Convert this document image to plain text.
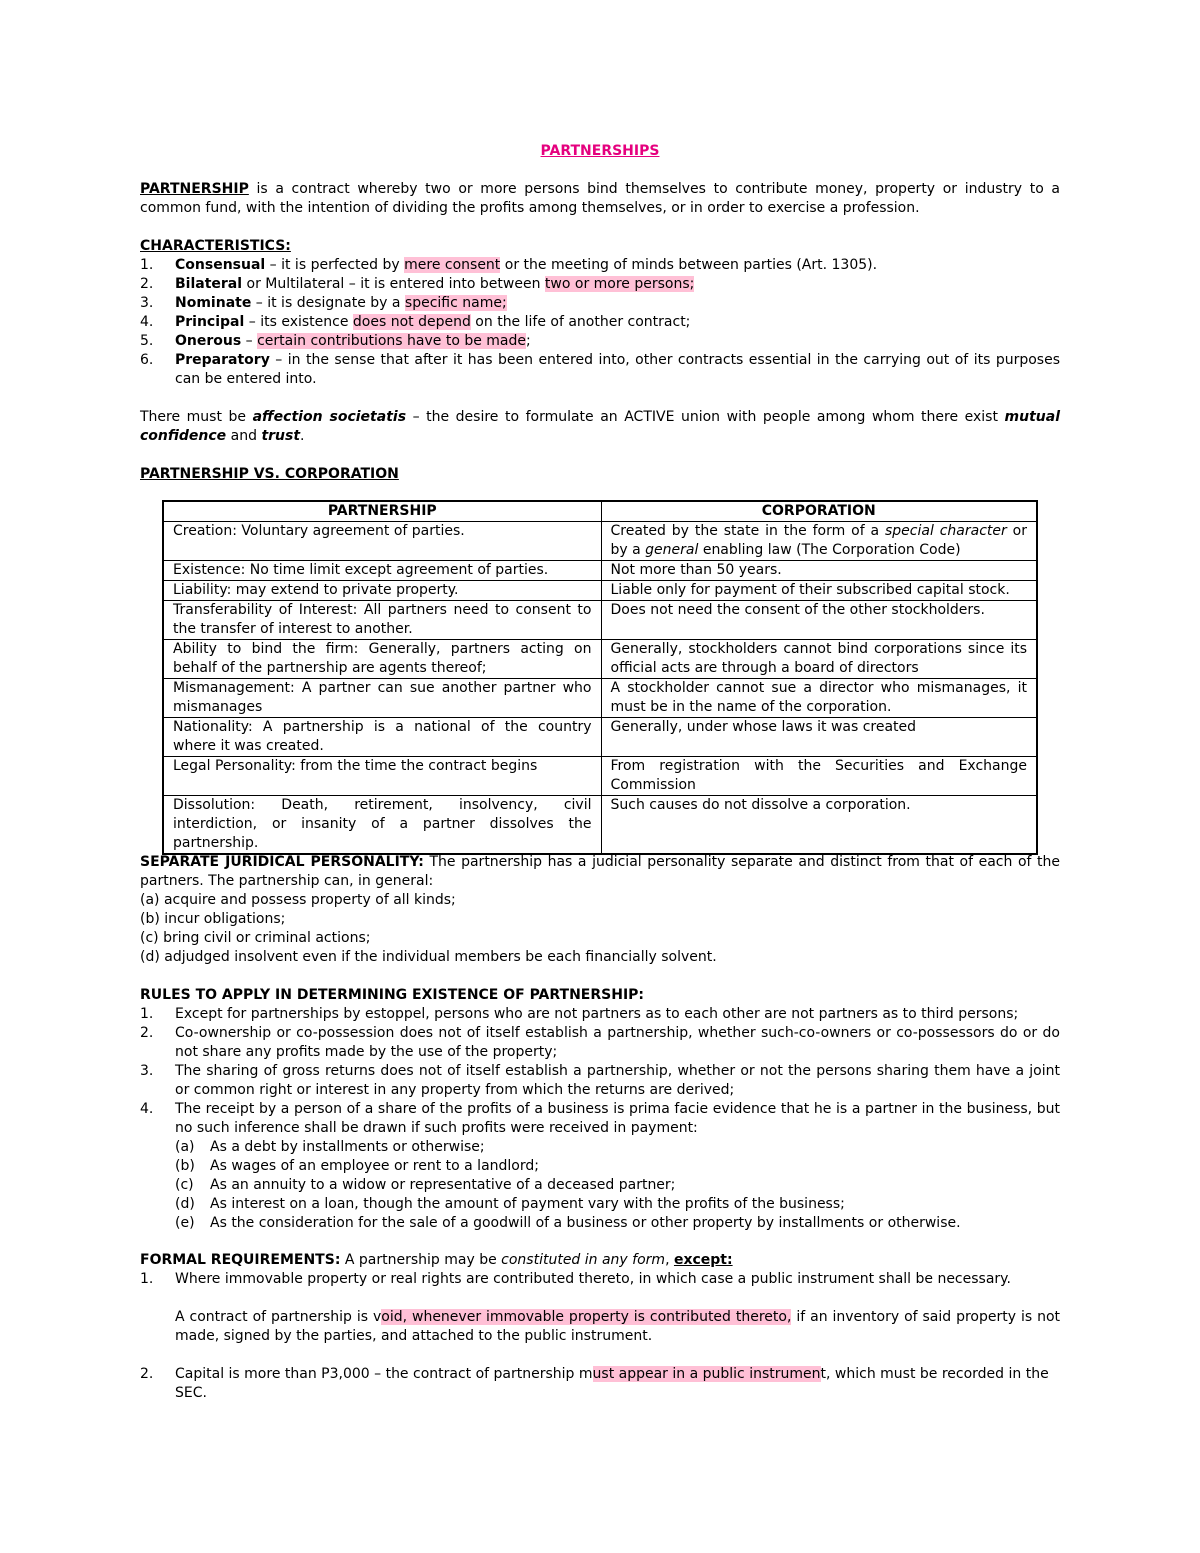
PARTNERSHIPS

PARTNERSHIP is a contract whereby two or more persons bind themselves to contribute money, property or industry to a common fund, with the intention of dividing the profits among themselves, or in order to exercise a profession.

CHARACTERISTICS:

1. Consensual – it is perfected by mere consent or the meeting of minds between parties (Art. 1305).
2. Bilateral or Multilateral – it is entered into between two or more persons;
3. Nominate – it is designate by a specific name;
4. Principal – its existence does not depend on the life of another contract;
5. Onerous – certain contributions have to be made;
6. Preparatory – in the sense that after it has been entered into, other contracts essential in the carrying out of its purposes can be entered into.

There must be affection societatis – the desire to formulate an ACTIVE union with people among whom there exist mutual confidence and trust.

PARTNERSHIP VS. CORPORATION

PARTNERSHIP	CORPORATION
Creation: Voluntary agreement of parties.	Created by the state in the form of a special character or by a general enabling law (The Corporation Code)
Existence: No time limit except agreement of parties.	Not more than 50 years.
Liability: may extend to private property.	Liable only for payment of their subscribed capital stock.
Transferability of Interest: All partners need to consent to the transfer of interest to another.	Does not need the consent of the other stockholders.
Ability to bind the firm: Generally, partners acting on behalf of the partnership are agents thereof;	Generally, stockholders cannot bind corporations since its official acts are through a board of directors
Mismanagement: A partner can sue another partner who mismanages	A stockholder cannot sue a director who mismanages, it must be in the name of the corporation.
Nationality: A partnership is a national of the country where it was created.	Generally, under whose laws it was created
Legal Personality: from the time the contract begins	From registration with the Securities and Exchange Commission
Dissolution: Death, retirement, insolvency, civil interdiction, or insanity of a partner dissolves the partnership.	Such causes do not dissolve a corporation.

SEPARATE JURIDICAL PERSONALITY: The partnership has a judicial personality separate and distinct from that of each of the partners. The partnership can, in general:

(a) acquire and possess property of all kinds;

(b) incur obligations;

(c) bring civil or criminal actions;

(d) adjudged insolvent even if the individual members be each financially solvent.

RULES TO APPLY IN DETERMINING EXISTENCE OF PARTNERSHIP:

1. Except for partnerships by estoppel, persons who are not partners as to each other are not partners as to third persons;
2. Co-ownership or co-possession does not of itself establish a partnership, whether such-co-owners or co-possessors do or do not share any profits made by the use of the property;
3. The sharing of gross returns does not of itself establish a partnership, whether or not the persons sharing them have a joint or common right or interest in any property from which the returns are derived;
4. The receipt by a person of a share of the profits of a business is prima facie evidence that he is a partner in the business, but no such inference shall be drawn if such profits were received in payment:
(a) As a debt by installments or otherwise;
(b) As wages of an employee or rent to a landlord;
(c) As an annuity to a widow or representative of a deceased partner;
(d) As interest on a loan, though the amount of payment vary with the profits of the business;
(e) As the consideration for the sale of a goodwill of a business or other property by installments or otherwise.

FORMAL REQUIREMENTS: A partnership may be constituted in any form, except:

1. Where immovable property or real rights are contributed thereto, in which case a public instrument shall be necessary.

A contract of partnership is void, whenever immovable property is contributed thereto, if an inventory of said property is not made, signed by the parties, and attached to the public instrument.

2. Capital is more than P3,000 – the contract of partnership must appear in a public instrument, which must be recorded in the SEC.
